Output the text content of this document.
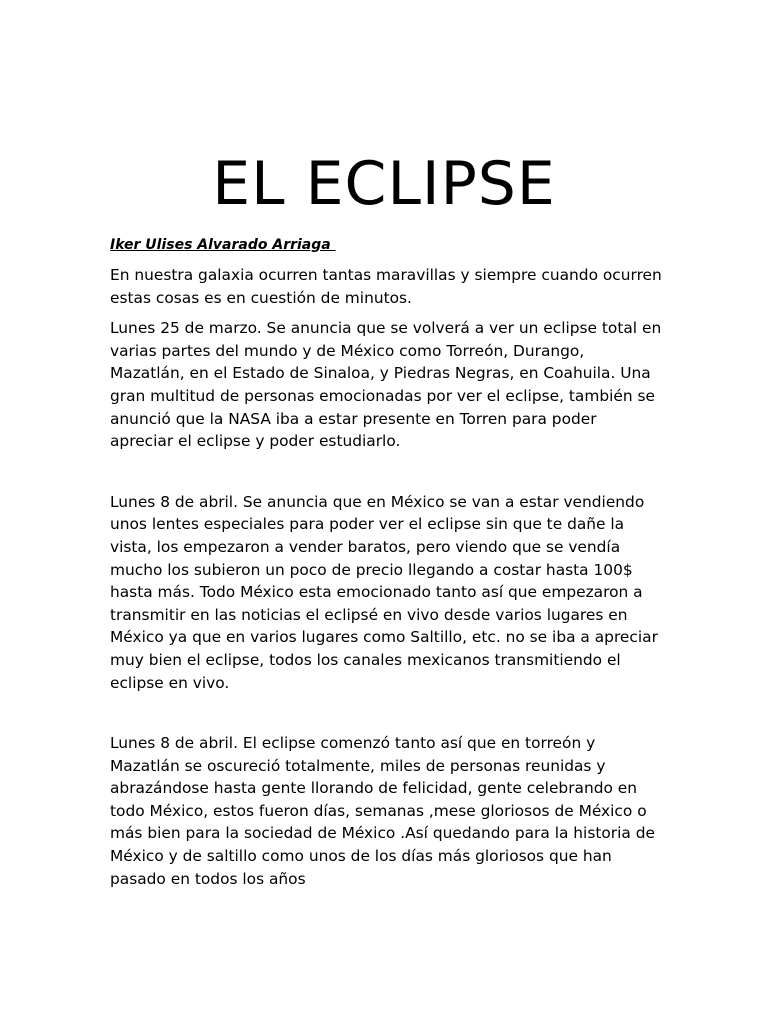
EL ECLIPSE

Iker Ulises Alvarado Arriaga

En nuestra galaxia ocurren tantas maravillas y siempre cuando ocurren estas cosas es en cuestión de minutos.

Lunes 25 de marzo. Se anuncia que se volverá a ver un eclipse total en varias partes del mundo y de México como Torreón, Durango, Mazatlán, en el Estado de Sinaloa, y Piedras Negras, en Coahuila. Una gran multitud de personas emocionadas por ver el eclipse, también se anunció que la NASA iba a estar presente en Torren para poder apreciar el eclipse y poder estudiarlo.

Lunes 8 de abril. Se anuncia que en México se van a estar vendiendo unos lentes especiales para poder ver el eclipse sin que te dañe la vista, los empezaron a vender baratos, pero viendo que se vendía mucho los subieron un poco de precio llegando a costar hasta 100$ hasta más. Todo México esta emocionado tanto así que empezaron a transmitir en las noticias el eclipsé en vivo desde varios lugares en México ya que en varios lugares como Saltillo, etc. no se iba a apreciar muy bien el eclipse, todos los canales mexicanos transmitiendo el eclipse en vivo.

Lunes 8 de abril. El eclipse comenzó tanto así que en torreón y Mazatlán se oscureció totalmente, miles de personas reunidas y abrazándose hasta gente llorando de felicidad, gente celebrando en todo México, estos fueron días, semanas ,mese gloriosos de México o más bien para la sociedad de México .Así quedando para la historia de México y de saltillo como unos de los días más gloriosos que han pasado en todos los años
